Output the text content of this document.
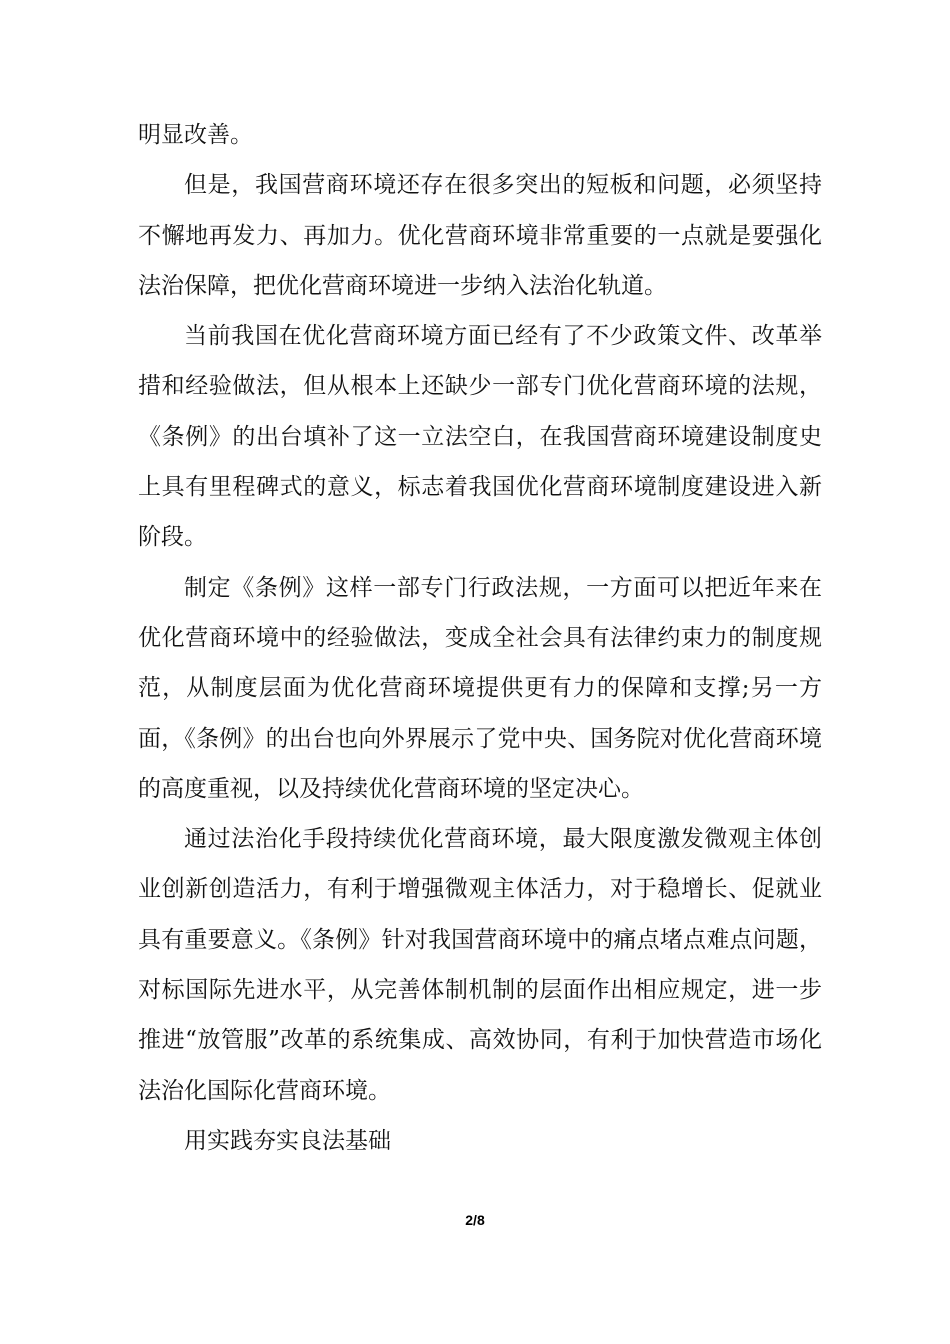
明显改善。

但是，我国营商环境还存在很多突出的短板和问题，必须坚持不懈地再发力、再加力。优化营商环境非常重要的一点就是要强化法治保障，把优化营商环境进一步纳入法治化轨道。

当前我国在优化营商环境方面已经有了不少政策文件、改革举措和经验做法，但从根本上还缺少一部专门优化营商环境的法规，《条例》的出台填补了这一立法空白，在我国营商环境建设制度史上具有里程碑式的意义，标志着我国优化营商环境制度建设进入新阶段。

制定《条例》这样一部专门行政法规，一方面可以把近年来在优化营商环境中的经验做法，变成全社会具有法律约束力的制度规范，从制度层面为优化营商环境提供更有力的保障和支撑;另一方面，《条例》的出台也向外界展示了党中央、国务院对优化营商环境的高度重视，以及持续优化营商环境的坚定决心。

通过法治化手段持续优化营商环境，最大限度激发微观主体创业创新创造活力，有利于增强微观主体活力，对于稳增长、促就业具有重要意义。《条例》针对我国营商环境中的痛点堵点难点问题，对标国际先进水平，从完善体制机制的层面作出相应规定，进一步推进“放管服”改革的系统集成、高效协同，有利于加快营造市场化法治化国际化营商环境。

用实践夯实良法基础

2/8
